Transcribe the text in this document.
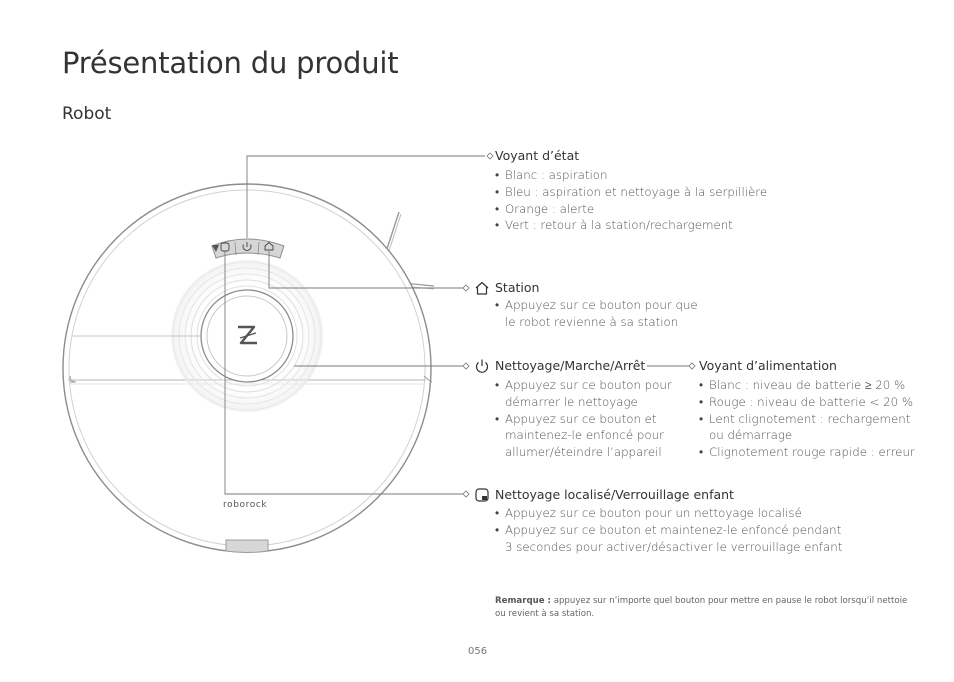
Présentation du produit
Robot
roborock
Voyant d’état
• Blanc : aspiration
• Bleu : aspiration et nettoyage à la serpillière
• Orange : alerte
• Vert : retour à la station/rechargement
Station
• Appuyez sur ce bouton pour que
le robot revienne à sa station
Nettoyage/Marche/Arrêt
• Appuyez sur ce bouton pour
démarrer le nettoyage
• Appuyez sur ce bouton et
maintenez-le enfoncé pour
allumer/éteindre l’appareil
Voyant d’alimentation
• Blanc : niveau de batterie ≥ 20 %
• Rouge : niveau de batterie < 20 %
• Lent clignotement : rechargement
ou démarrage
• Clignotement rouge rapide : erreur
Nettoyage localisé/Verrouillage enfant
• Appuyez sur ce bouton pour un nettoyage localisé
• Appuyez sur ce bouton et maintenez-le enfoncé pendant
3 secondes pour activer/désactiver le verrouillage enfant
Remarque : appuyez sur n’importe quel bouton pour mettre en pause le robot lorsqu’il nettoie ou revient à sa station.
056
